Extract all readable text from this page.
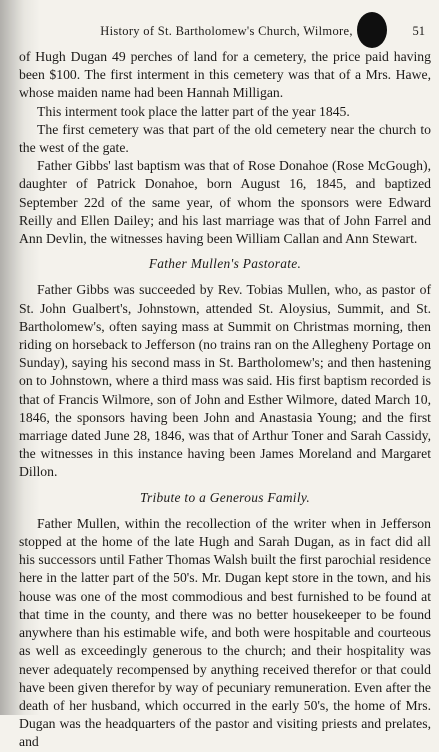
History of St. Bartholomew's Church, Wilmore,	51

of Hugh Dugan 49 perches of land for a cemetery, the price paid having been $100. The first interment in this cemetery was that of a Mrs. Hawe, whose maiden name had been Hannah Milligan.

This interment took place the latter part of the year 1845.

The first cemetery was that part of the old cemetery near the church to the west of the gate.

Father Gibbs' last baptism was that of Rose Donahoe (Rose McGough), daughter of Patrick Donahoe, born August 16, 1845, and baptized September 22d of the same year, of whom the sponsors were Edward Reilly and Ellen Dailey; and his last marriage was that of John Farrel and Ann Devlin, the witnesses having been William Callan and Ann Stewart.

Father Mullen's Pastorate.

Father Gibbs was succeeded by Rev. Tobias Mullen, who, as pastor of St. John Gualbert's, Johnstown, attended St. Aloysius, Summit, and St. Bartholomew's, often saying mass at Summit on Christmas morning, then riding on horseback to Jefferson (no trains ran on the Allegheny Portage on Sunday), saying his second mass in St. Bartholomew's; and then hastening on to Johnstown, where a third mass was said. His first baptism recorded is that of Francis Wilmore, son of John and Esther Wilmore, dated March 10, 1846, the sponsors having been John and Anastasia Young; and the first marriage dated June 28, 1846, was that of Arthur Toner and Sarah Cassidy, the witnesses in this instance having been James Moreland and Margaret Dillon.

Tribute to a Generous Family.

Father Mullen, within the recollection of the writer when in Jefferson stopped at the home of the late Hugh and Sarah Dugan, as in fact did all his successors until Father Thomas Walsh built the first parochial residence here in the latter part of the 50's. Mr. Dugan kept store in the town, and his house was one of the most commodious and best furnished to be found at that time in the county, and there was no better housekeeper to be found anywhere than his estimable wife, and both were hospitable and courteous as well as exceedingly generous to the church; and their hospitality was never adequately recompensed by anything received therefor or that could have been given therefor by way of pecuniary remuneration. Even after the death of her husband, which occurred in the early 50's, the home of Mrs. Dugan was the headquarters of the pastor and visiting priests and prelates, and
